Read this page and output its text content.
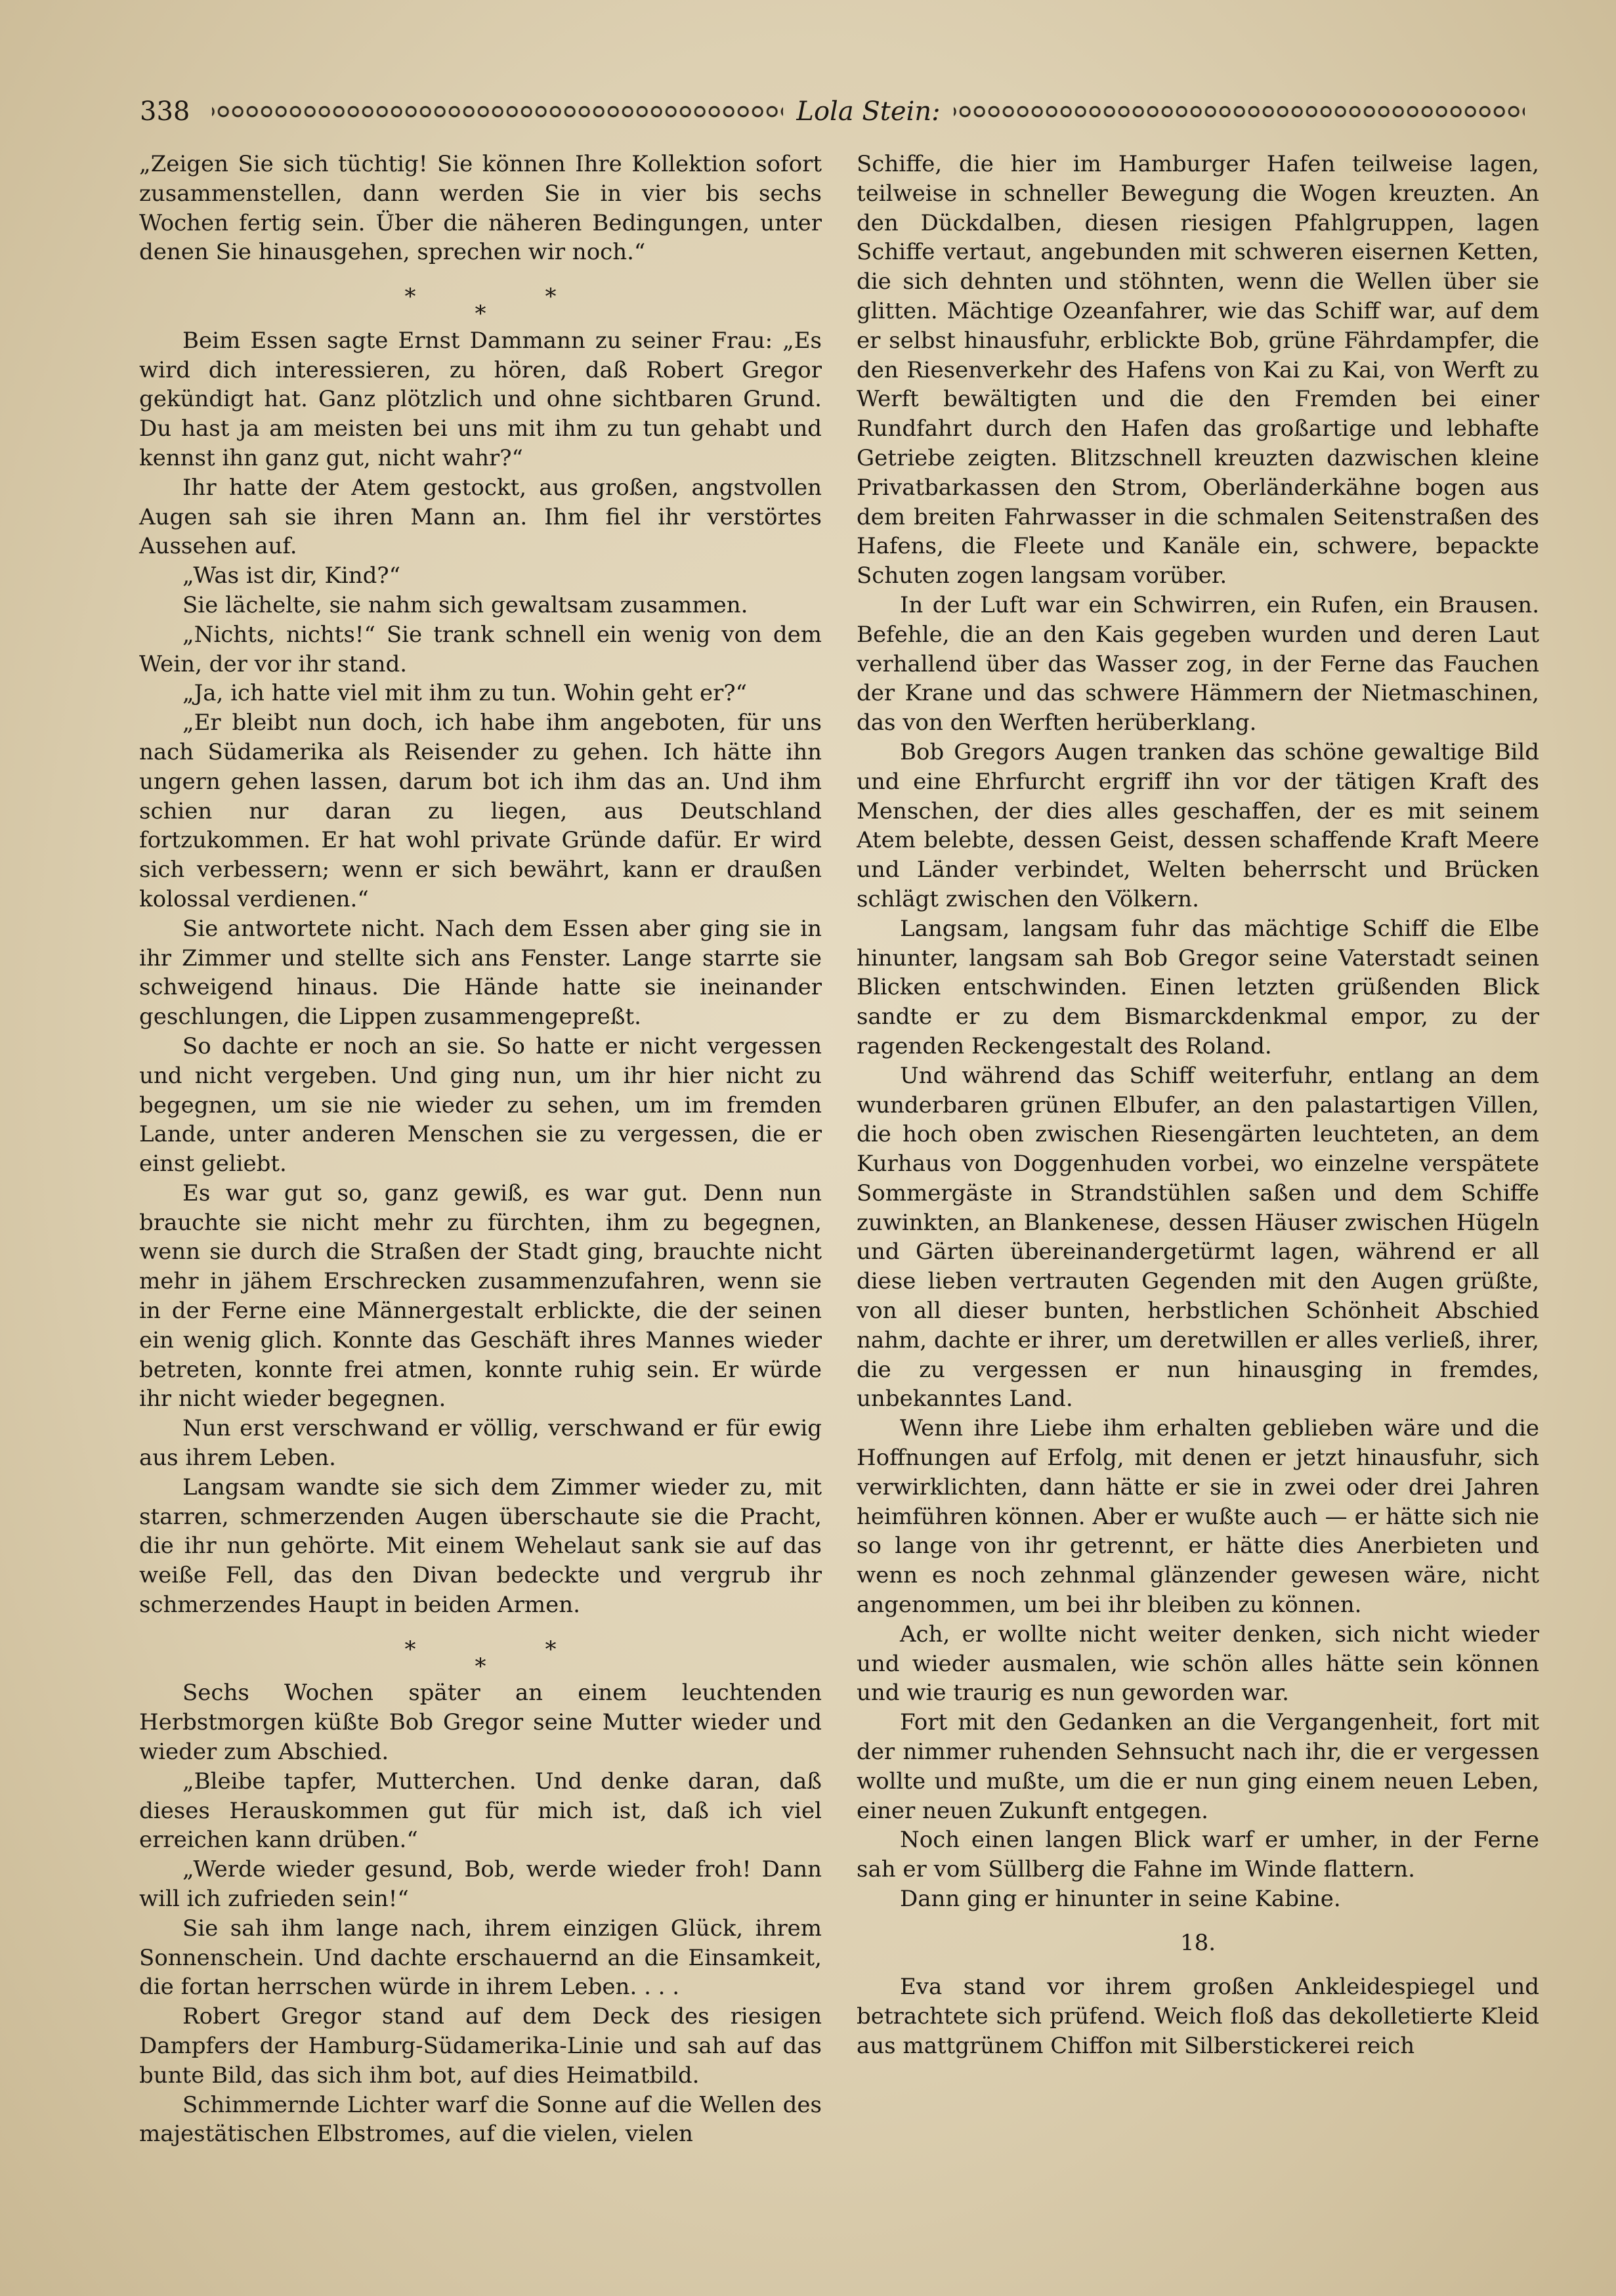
338	Lola Stein:

„Zeigen Sie sich tüchtig! Sie können Ihre Kollektion sofort zusammenstellen, dann werden Sie in vier bis sechs Wochen fertig sein. Über die näheren Bedingungen, unter denen Sie hinausgehen, sprechen wir noch.“

*
*
*

Beim Essen sagte Ernst Dammann zu seiner Frau: „Es wird dich interessieren, zu hören, daß Robert Gregor gekündigt hat. Ganz plötzlich und ohne sichtbaren Grund. Du hast ja am meisten bei uns mit ihm zu tun gehabt und kennst ihn ganz gut, nicht wahr?“

Ihr hatte der Atem gestockt, aus großen, angstvollen Augen sah sie ihren Mann an. Ihm fiel ihr verstörtes Aussehen auf.

„Was ist dir, Kind?“

Sie lächelte, sie nahm sich gewaltsam zusammen.

„Nichts, nichts!“ Sie trank schnell ein wenig von dem Wein, der vor ihr stand.

„Ja, ich hatte viel mit ihm zu tun. Wohin geht er?“

„Er bleibt nun doch, ich habe ihm angeboten, für uns nach Südamerika als Reisender zu gehen. Ich hätte ihn ungern gehen lassen, darum bot ich ihm das an. Und ihm schien nur daran zu liegen, aus Deutschland fortzukommen. Er hat wohl private Gründe dafür. Er wird sich verbessern; wenn er sich bewährt, kann er draußen kolossal verdienen.“

Sie antwortete nicht. Nach dem Essen aber ging sie in ihr Zimmer und stellte sich ans Fenster. Lange starrte sie schweigend hinaus. Die Hände hatte sie ineinander geschlungen, die Lippen zusammengepreßt.

So dachte er noch an sie. So hatte er nicht vergessen und nicht vergeben. Und ging nun, um ihr hier nicht zu begegnen, um sie nie wieder zu sehen, um im fremden Lande, unter anderen Menschen sie zu vergessen, die er einst geliebt.

Es war gut so, ganz gewiß, es war gut. Denn nun brauchte sie nicht mehr zu fürchten, ihm zu begegnen, wenn sie durch die Straßen der Stadt ging, brauchte nicht mehr in jähem Erschrecken zusammenzufahren, wenn sie in der Ferne eine Männergestalt erblickte, die der seinen ein wenig glich. Konnte das Geschäft ihres Mannes wieder betreten, konnte frei atmen, konnte ruhig sein. Er würde ihr nicht wieder begegnen.

Nun erst verschwand er völlig, verschwand er für ewig aus ihrem Leben.

Langsam wandte sie sich dem Zimmer wieder zu, mit starren, schmerzenden Augen überschaute sie die Pracht, die ihr nun gehörte. Mit einem Wehelaut sank sie auf das weiße Fell, das den Divan bedeckte und vergrub ihr schmerzendes Haupt in beiden Armen.

*
*
*

Sechs Wochen später an einem leuchtenden Herbstmorgen küßte Bob Gregor seine Mutter wieder und wieder zum Abschied.

„Bleibe tapfer, Mutterchen. Und denke daran, daß dieses Herauskommen gut für mich ist, daß ich viel erreichen kann drüben.“

„Werde wieder gesund, Bob, werde wieder froh! Dann will ich zufrieden sein!“

Sie sah ihm lange nach, ihrem einzigen Glück, ihrem Sonnenschein. Und dachte erschauernd an die Einsamkeit, die fortan herrschen würde in ihrem Leben. . . .

Robert Gregor stand auf dem Deck des riesigen Dampfers der Hamburg-Südamerika-Linie und sah auf das bunte Bild, das sich ihm bot, auf dies Heimatbild.

Schimmernde Lichter warf die Sonne auf die Wellen des majestätischen Elbstromes, auf die vielen, vielen

Schiffe, die hier im Hamburger Hafen teilweise lagen, teilweise in schneller Bewegung die Wogen kreuzten. An den Dückdalben, diesen riesigen Pfahlgruppen, lagen Schiffe vertaut, angebunden mit schweren eisernen Ketten, die sich dehnten und stöhnten, wenn die Wellen über sie glitten. Mächtige Ozeanfahrer, wie das Schiff war, auf dem er selbst hinausfuhr, erblickte Bob, grüne Fährdampfer, die den Riesenverkehr des Hafens von Kai zu Kai, von Werft zu Werft bewältigten und die den Fremden bei einer Rundfahrt durch den Hafen das großartige und lebhafte Getriebe zeigten. Blitzschnell kreuzten dazwischen kleine Privatbarkassen den Strom, Oberländerkähne bogen aus dem breiten Fahrwasser in die schmalen Seitenstraßen des Hafens, die Fleete und Kanäle ein, schwere, bepackte Schuten zogen langsam vorüber.

In der Luft war ein Schwirren, ein Rufen, ein Brausen. Befehle, die an den Kais gegeben wurden und deren Laut verhallend über das Wasser zog, in der Ferne das Fauchen der Krane und das schwere Hämmern der Nietmaschinen, das von den Werften herüberklang.

Bob Gregors Augen tranken das schöne gewaltige Bild und eine Ehrfurcht ergriff ihn vor der tätigen Kraft des Menschen, der dies alles geschaffen, der es mit seinem Atem belebte, dessen Geist, dessen schaffende Kraft Meere und Länder verbindet, Welten beherrscht und Brücken schlägt zwischen den Völkern.

Langsam, langsam fuhr das mächtige Schiff die Elbe hinunter, langsam sah Bob Gregor seine Vaterstadt seinen Blicken entschwinden. Einen letzten grüßenden Blick sandte er zu dem Bismarckdenkmal empor, zu der ragenden Reckengestalt des Roland.

Und während das Schiff weiterfuhr, entlang an dem wunderbaren grünen Elbufer, an den palastartigen Villen, die hoch oben zwischen Riesengärten leuchteten, an dem Kurhaus von Doggenhuden vorbei, wo einzelne verspätete Sommergäste in Strandstühlen saßen und dem Schiffe zuwinkten, an Blankenese, dessen Häuser zwischen Hügeln und Gärten übereinandergetürmt lagen, während er all diese lieben vertrauten Gegenden mit den Augen grüßte, von all dieser bunten, herbstlichen Schönheit Abschied nahm, dachte er ihrer, um deretwillen er alles verließ, ihrer, die zu vergessen er nun hinausging in fremdes, unbekanntes Land.

Wenn ihre Liebe ihm erhalten geblieben wäre und die Hoffnungen auf Erfolg, mit denen er jetzt hinausfuhr, sich verwirklichten, dann hätte er sie in zwei oder drei Jahren heimführen können. Aber er wußte auch — er hätte sich nie so lange von ihr getrennt, er hätte dies Anerbieten und wenn es noch zehnmal glänzender gewesen wäre, nicht angenommen, um bei ihr bleiben zu können.

Ach, er wollte nicht weiter denken, sich nicht wieder und wieder ausmalen, wie schön alles hätte sein können und wie traurig es nun geworden war.

Fort mit den Gedanken an die Vergangenheit, fort mit der nimmer ruhenden Sehnsucht nach ihr, die er vergessen wollte und mußte, um die er nun ging einem neuen Leben, einer neuen Zukunft entgegen.

Noch einen langen Blick warf er umher, in der Ferne sah er vom Süllberg die Fahne im Winde flattern.

Dann ging er hinunter in seine Kabine.

18.

Eva stand vor ihrem großen Ankleidespiegel und betrachtete sich prüfend. Weich floß das dekolletierte Kleid aus mattgrünem Chiffon mit Silberstickerei reich
